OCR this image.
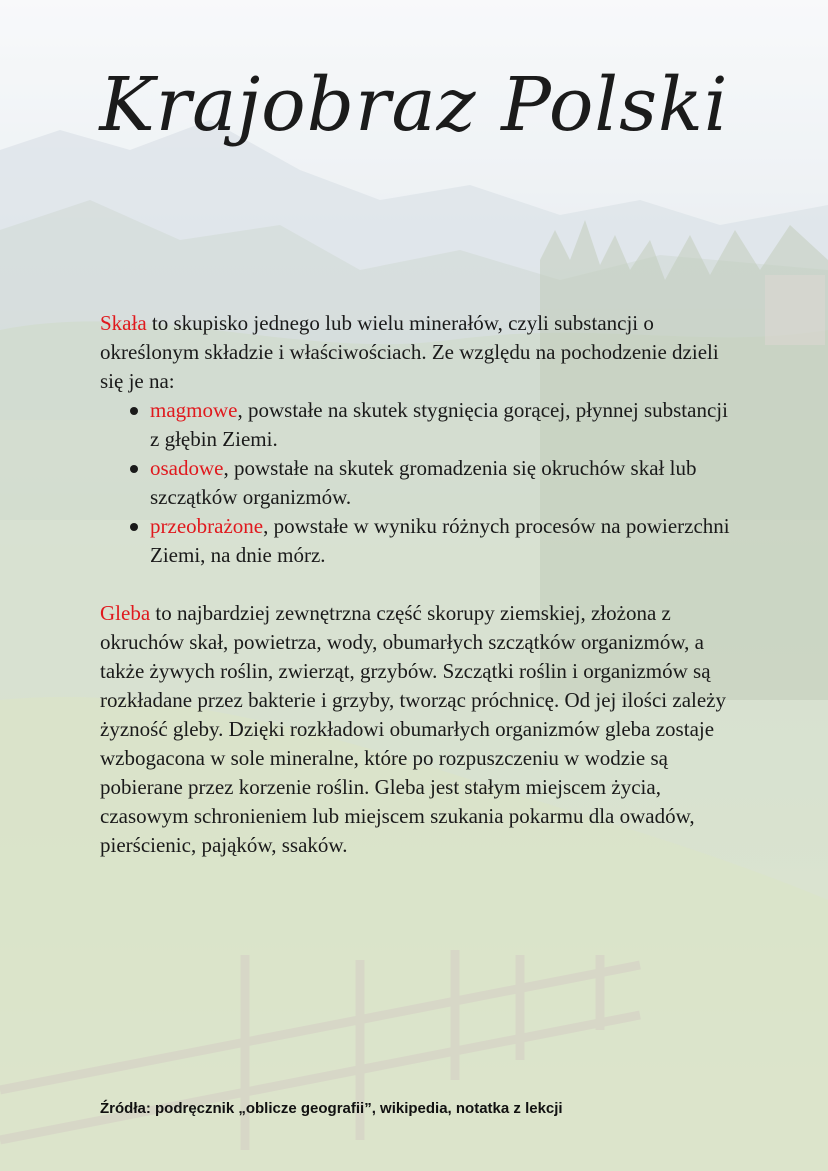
Krajobraz Polski

Skała to skupisko jednego lub wielu minerałów, czyli substancji o określonym składzie i właściwościach. Ze względu na pochodzenie dzieli się je na:

magmowe, powstałe na skutek stygnięcia gorącej, płynnej substancji z głębin Ziemi.
osadowe, powstałe na skutek gromadzenia się okruchów skał lub szczątków organizmów.
przeobrażone, powstałe w wyniku różnych procesów na powierzchni Ziemi, na dnie mórz.

Gleba to najbardziej zewnętrzna część skorupy ziemskiej, złożona z okruchów skał, powietrza, wody, obumarłych szczątków organizmów, a także żywych roślin, zwierząt, grzybów. Szczątki roślin i organizmów są rozkładane przez bakterie i grzyby, tworząc próchnicę. Od jej ilości zależy żyzność gleby. Dzięki rozkładowi obumarłych organizmów gleba zostaje wzbogacona w sole mineralne, które po rozpuszczeniu w wodzie są pobierane przez korzenie roślin. Gleba jest stałym miejscem życia, czasowym schronieniem lub miejscem szukania pokarmu dla owadów, pierścienic, pająków, ssaków.

Źródła: podręcznik „oblicze geografii”, wikipedia, notatka z lekcji
